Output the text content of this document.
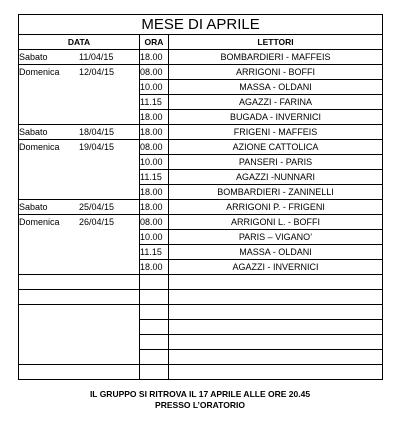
MESE DI APRILE		
DATA	ORA	LETTORI
Sabato 11/04/15	18.00	BOMBARDIERI - MAFFEIS
Domenica 12/04/15	08.00	ARRIGONI - BOFFI
	10.00	MASSA - OLDANI
	11.15	AGAZZI - FARINA
	18.00	BUGADA - INVERNICI
Sabato 18/04/15	18.00	FRIGENI - MAFFEIS
Domenica 19/04/15	08.00	AZIONE CATTOLICA
	10.00	PANSERI - PARIS
	11.15	AGAZZI -NUNNARI
	18.00	BOMBARDIERI - ZANINELLI
Sabato 25/04/15	18.00	ARRIGONI P. - FRIGENI
Domenica 26/04/15	08.00	ARRIGONI L. - BOFFI
	10.00	PARIS – VIGANO’
	11.15	MASSA - OLDANI
	18.00	AGAZZI - INVERNICI

IL GRUPPO SI RITROVA IL 17 APRILE ALLE ORE 20.45
PRESSO L’ORATORIO
